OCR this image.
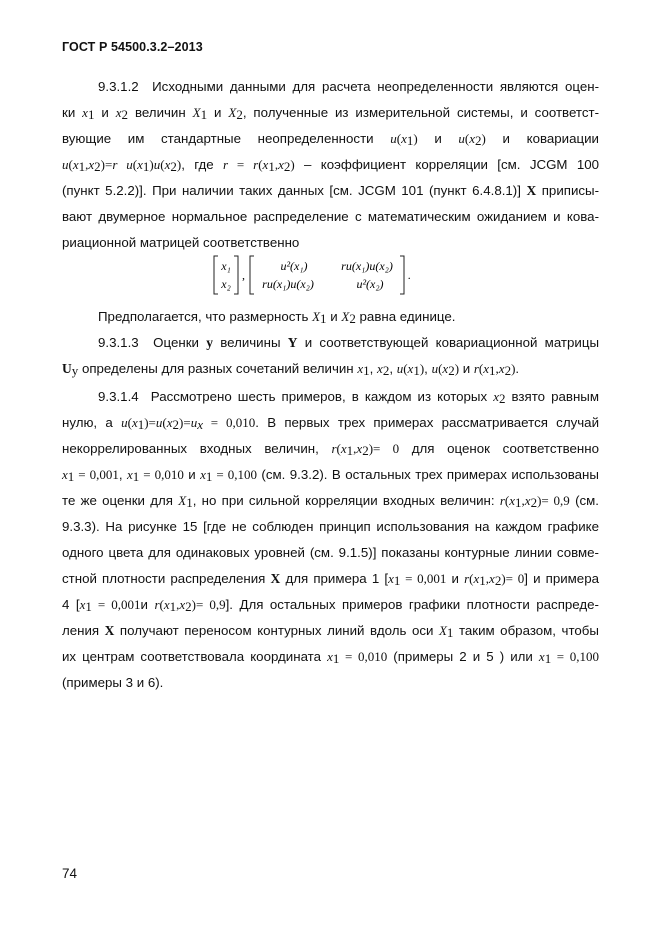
ГОСТ Р 54500.3.2–2013
9.3.1.2 Исходными данными для расчета неопределенности являются оцен-
ки $x_1$ и $x_2$ величин $X_1$ и $X_2$, полученные из измерительной системы, и соответст-
вующие им стандартные неопределенности $u(x_1)$ и $u(x_2)$ и ковариации
$u(x_1,x_2)=r$ $u(x_1)u(x_2)$, где $r = r(x_1,x_2)$ – коэффициент корреляции [см. JCGM 100
(пункт 5.2.2)]. При наличии таких данных [см. JCGM 101 (пункт 6.4.8.1)] X приписы-
вают двумерное нормальное распределение с математическим ожиданием и кова-
риационной матрицей соответственно
x₁
x₂
u²(x₁)	ru(x₁)u(x₂)
ru(x₁)u(x₂)	u²(x₂)
,	.
Предполагается, что размерность $X_1$ и $X_2$ равна единице.
9.3.1.3 Оценки y величины Y и соответствующей ковариационной матрицы
$U_y$ определены для разных сочетаний величин $x_1$, $x_2$, $u(x_1)$, $u(x_2)$ и $r(x_1,x_2)$.
9.3.1.4 Рассмотрено шесть примеров, в каждом из которых $x_2$ взято равным
нулю, а $u(x_1)=u(x_2)=u_x = 0,010$. В первых трех примерах рассматривается случай
некоррелированных входных величин, $r(x_1,x_2)= 0$ для оценок соответственно
$x_1 = 0,001$, $x_1 = 0,010$ и $x_1 = 0,100$ (см. 9.3.2). В остальных трех примерах использованы
те же оценки для $X_1$, но при сильной корреляции входных величин: $r(x_1,x_2)= 0,9$ (см.
9.3.3). На рисунке 15 [где не соблюден принцип использования на каждом графике
одного цвета для одинаковых уровней (см. 9.1.5)] показаны контурные линии совме-
стной плотности распределения X для примера 1 [$x_1 = 0,001$ и $r(x_1,x_2)= 0$] и примера
4 [$x_1 = 0,001и$ $r(x_1,x_2)= 0,9$]. Для остальных примеров графики плотности распреде-
ления X получают переносом контурных линий вдоль оси $X_1$ таким образом, чтобы
их центрам соответствовала координата $x_1 = 0,010$ (примеры 2 и 5 ) или $x_1 = 0,100$
(примеры 3 и 6).
74
